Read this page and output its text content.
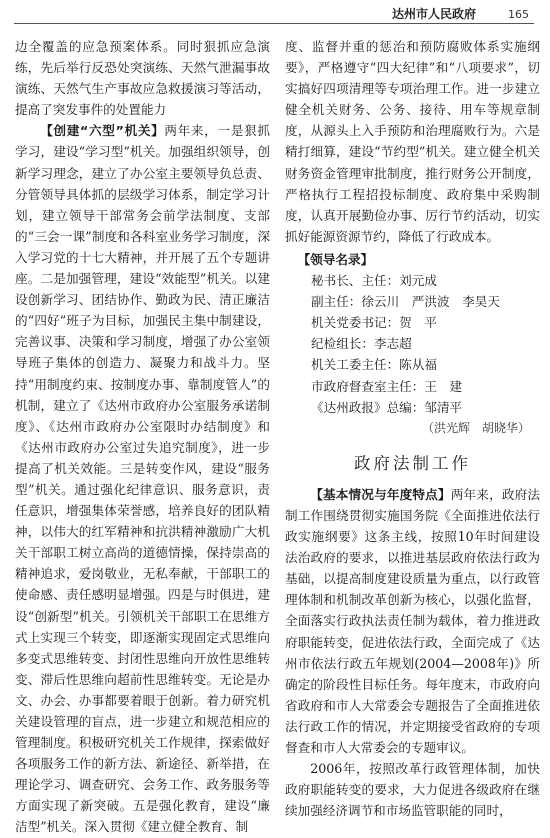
达州市人民政府	165

边全覆盖的应急预案体系。同时狠抓应急演练，先后举行反恐处突演练、天然气泄漏事故演练、天然气生产事故应急救援演习等活动，提高了突发事件的处置能力

【创建“六型”机关】两年来，一是狠抓学习，建设“学习型”机关。加强组织领导，创新学习理念，建立了办公室主要领导负总责、分管领导具体抓的层级学习体系，制定学习计划，建立领导干部常务会前学法制度、支部的“三会一课”制度和各科室业务学习制度，深入学习党的十七大精神，并开展了五个专题讲座。二是加强管理，建设“效能型”机关。以建设创新学习、团结协作、勤政为民、清正廉洁的“四好”班子为目标，加强民主集中制建设，完善议事、决策和学习制度，增强了办公室领导班子集体的创造力、凝聚力和战斗力。坚持“用制度约束、按制度办事、靠制度管人”的机制，建立了《达州市政府办公室服务承诺制度》、《达州市政府办公室限时办结制度》和《达州市政府办公室过失追究制度》，进一步提高了机关效能。三是转变作风，建设“服务型”机关。通过强化纪律意识、服务意识，责任意识，增强集体荣誉感，培养良好的团队精神，以伟大的红军精神和抗洪精神激励广大机关干部职工树立高尚的道德情操，保持崇高的精神追求，爱岗敬业，无私奉献，干部职工的使命感、责任感明显增强。四是与时俱进，建设“创新型”机关。引领机关干部职工在思维方式上实现三个转变，即逐渐实现固定式思维向多变式思维转变、封闭性思维向开放性思维转变、滞后性思维向超前性思维转变。无论是办文、办会、办事都要着眼于创新。着力研究机关建设管理的盲点，进一步建立和规范相应的管理制度。积极研究机关工作规律，探索做好各项服务工作的新方法、新途径、新举措，在理论学习、调查研究、会务工作、政务服务等方面实现了新突破。五是强化教育，建设“廉洁型”机关。深入贯彻《建立健全教育、制

度、监督并重的惩治和预防腐败体系实施纲要》，严格遵守“四大纪律”和“八项要求”，切实搞好四项清理等专项治理工作。进一步建立健全机关财务、公务、接待、用车等规章制度，从源头上入手预防和治理腐败行为。六是精打细算，建设“节约型”机关。建立健全机关财务资金管理审批制度，推行财务公开制度，严格执行工程招投标制度、政府集中采购制度，认真开展勤俭办事、厉行节约活动，切实抓好能源资源节约，降低了行政成本。

【领导名录】
秘书长、主任：刘元成
副主任：徐云川　严洪波　李昊天
机关党委书记：贺　平
纪检组长：李志超
机关工委主任：陈从福
市政府督查室主任：王　建
《达州政报》总编：邹清平
（洪光辉　胡晓华）
政府法制工作

【基本情况与年度特点】两年来，政府法制工作围绕贯彻实施国务院《全面推进依法行政实施纲要》这条主线，按照10年时间建设法治政府的要求，以推进基层政府依法行政为基础，以提高制度建设质量为重点，以行政管理体制和机制改革创新为核心，以强化监督，全面落实行政执法责任制为载体，着力推进政府职能转变，促进依法行政，全面完成了《达州市依法行政五年规划(2004—2008年)》所确定的阶段性目标任务。每年度末，市政府向省政府和市人大常委会专题报告了全面推进依法行政工作的情况，并定期接受省政府的专项督查和市人大常委会的专题审议。

2006年，按照改革行政管理体制，加快政府职能转变的要求，大力促进各级政府在继续加强经济调节和市场监管职能的同时，
